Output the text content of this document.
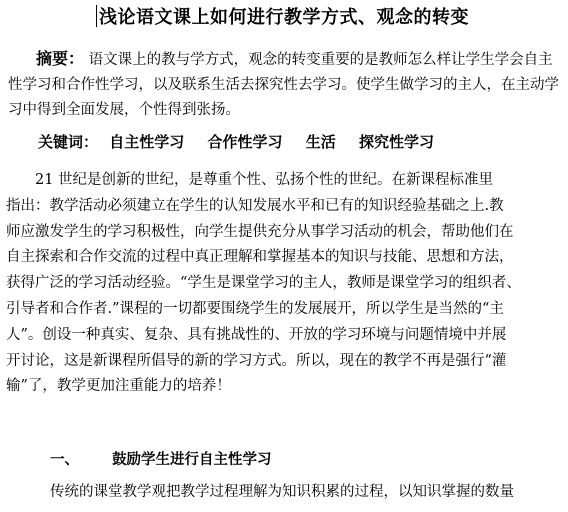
浅论语文课上如何进行教学方式、观念的转变
摘要： 语文课上的教与学方式，观念的转变重要的是教师怎么样让学生学会自主性学习和合作性学习，以及联系生活去探究性去学习。使学生做学习的主人，在主动学习中得到全面发展，个性得到张扬。
关键词： 自主性学习 合作性学习 生活 探究性学习

　　21 世纪是创新的世纪，是尊重个性、弘扬个性的世纪。在新课程标准里

指出：教学活动必须建立在学生的认知发展水平和已有的知识经验基础之上.教

师应激发学生的学习积极性，向学生提供充分从事学习活动的机会，帮助他们在

自主探索和合作交流的过程中真正理解和掌握基本的知识与技能、思想和方法，

获得广泛的学习活动经验。“学生是课堂学习的主人，教师是课堂学习的组织者、

引导者和合作者.”课程的一切都要围绕学生的发展展开，所以学生是当然的“主

人”。创设一种真实、复杂、具有挑战性的、开放的学习环境与问题情境中并展

开讨论，这是新课程所倡导的新的学习方式。所以，现在的教学不再是强行“灌

输”了，教学更加注重能力的培养！

一、 鼓励学生进行自主性学习
传统的课堂教学观把教学过程理解为知识积累的过程，以知识掌握的数量
